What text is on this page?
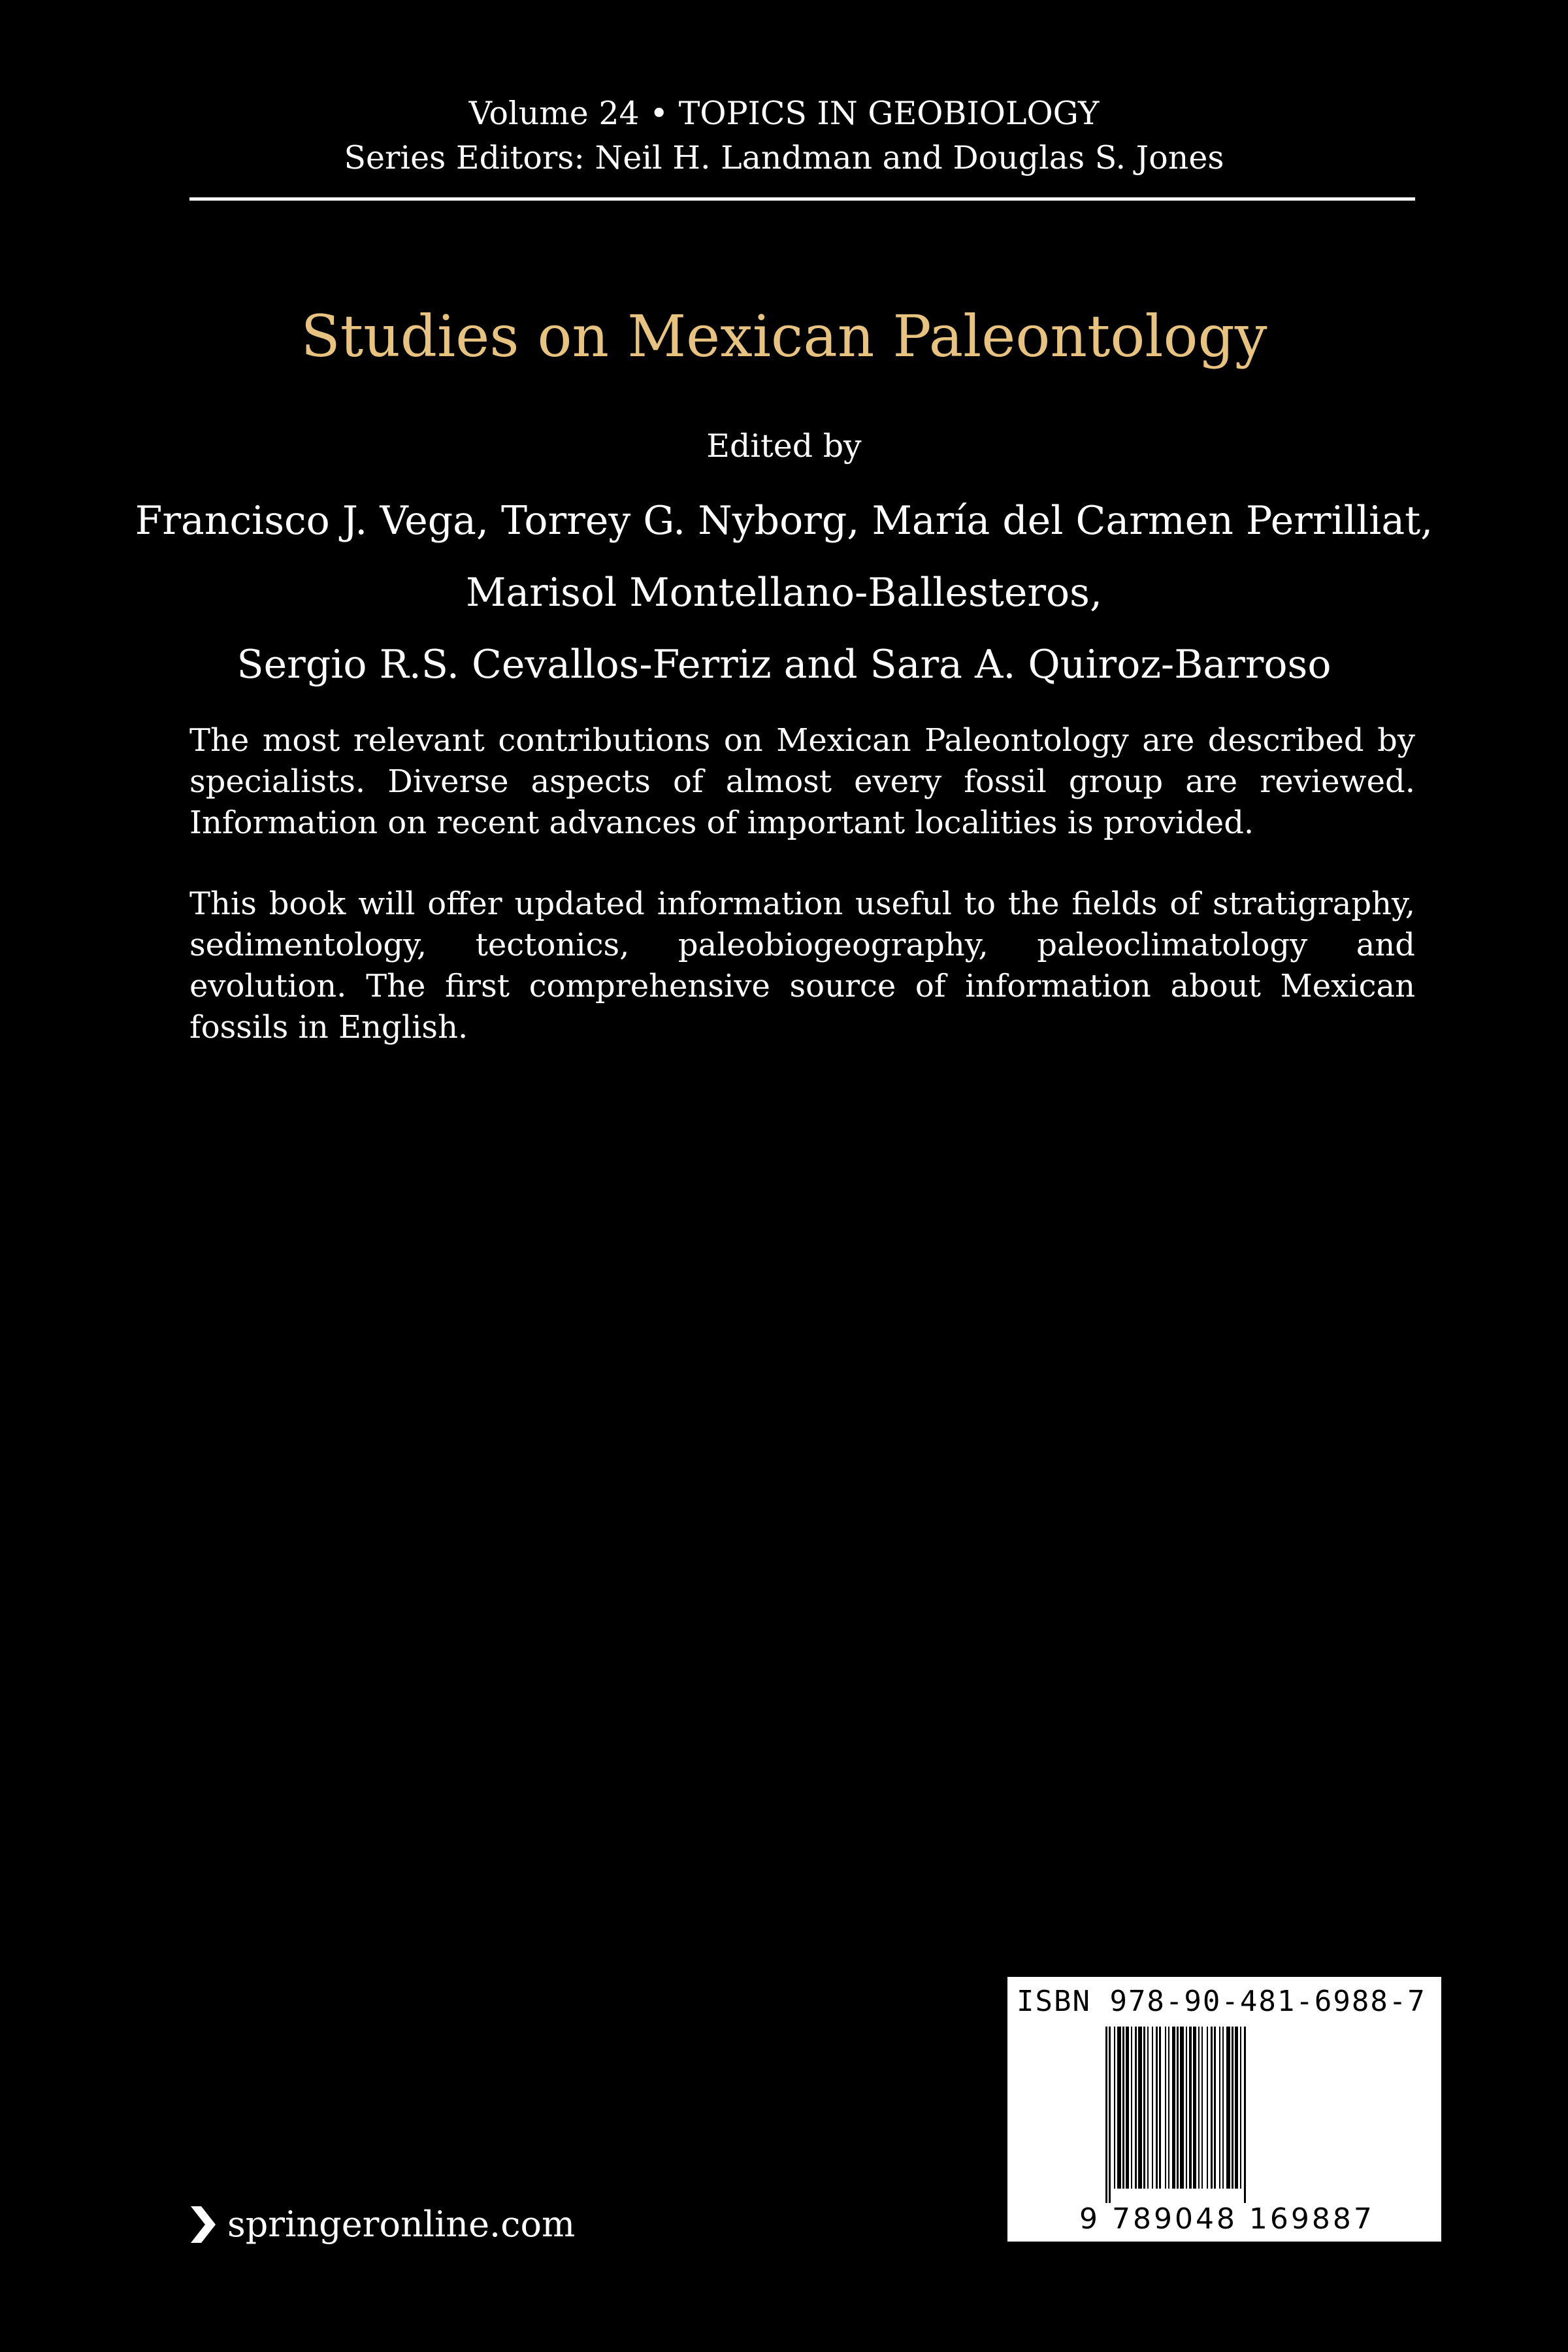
Volume 24 • TOPICS IN GEOBIOLOGY
Series Editors: Neil H. Landman and Douglas S. Jones
Studies on Mexican Paleontology
Edited by
Francisco J. Vega, Torrey G. Nyborg, María del Carmen Perrilliat,
Marisol Montellano-Ballesteros,
Sergio R.S. Cevallos-Ferriz and Sara A. Quiroz-Barroso
The most relevant contributions on Mexican Paleontology are described by specialists. Diverse aspects of almost every fossil group are reviewed. Information on recent advances of important localities is provided.
This book will offer updated information useful to the fields of stratigraphy, sedimentology, tectonics, paleobiogeography, paleoclimatology and evolution. The first comprehensive source of information about Mexican fossils in English.
ISBN 978-90-481-6988-7
9 789048 169887
springeronline.com
